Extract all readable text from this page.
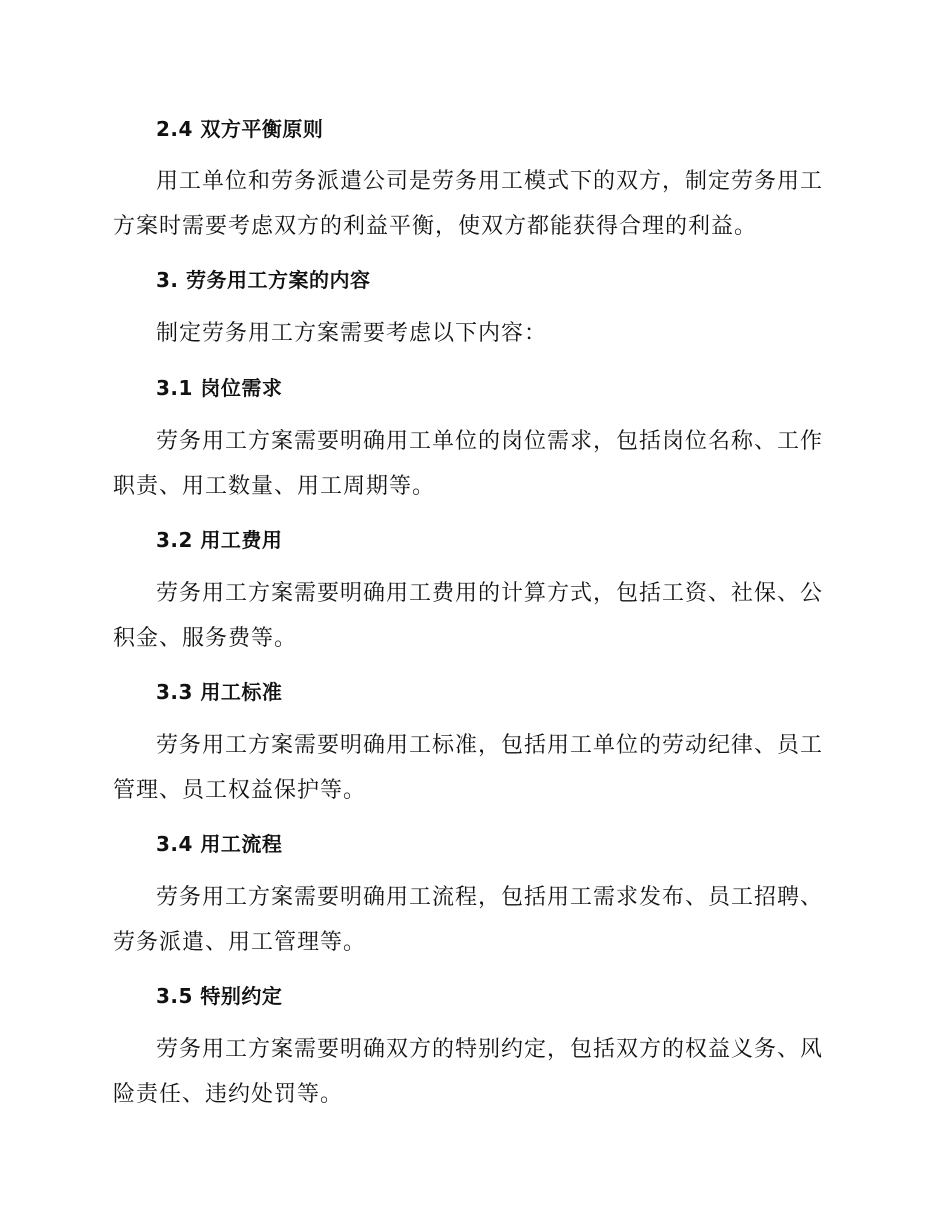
2.4 双方平衡原则

用工单位和劳务派遣公司是劳务用工模式下的双方，制定劳务用工方案时需要考虑双方的利益平衡，使双方都能获得合理的利益。

3. 劳务用工方案的内容

制定劳务用工方案需要考虑以下内容：

3.1 岗位需求

劳务用工方案需要明确用工单位的岗位需求，包括岗位名称、工作职责、用工数量、用工周期等。

3.2 用工费用

劳务用工方案需要明确用工费用的计算方式，包括工资、社保、公积金、服务费等。

3.3 用工标准

劳务用工方案需要明确用工标准，包括用工单位的劳动纪律、员工管理、员工权益保护等。

3.4 用工流程

劳务用工方案需要明确用工流程，包括用工需求发布、员工招聘、劳务派遣、用工管理等。

3.5 特别约定

劳务用工方案需要明确双方的特别约定，包括双方的权益义务、风险责任、违约处罚等。
